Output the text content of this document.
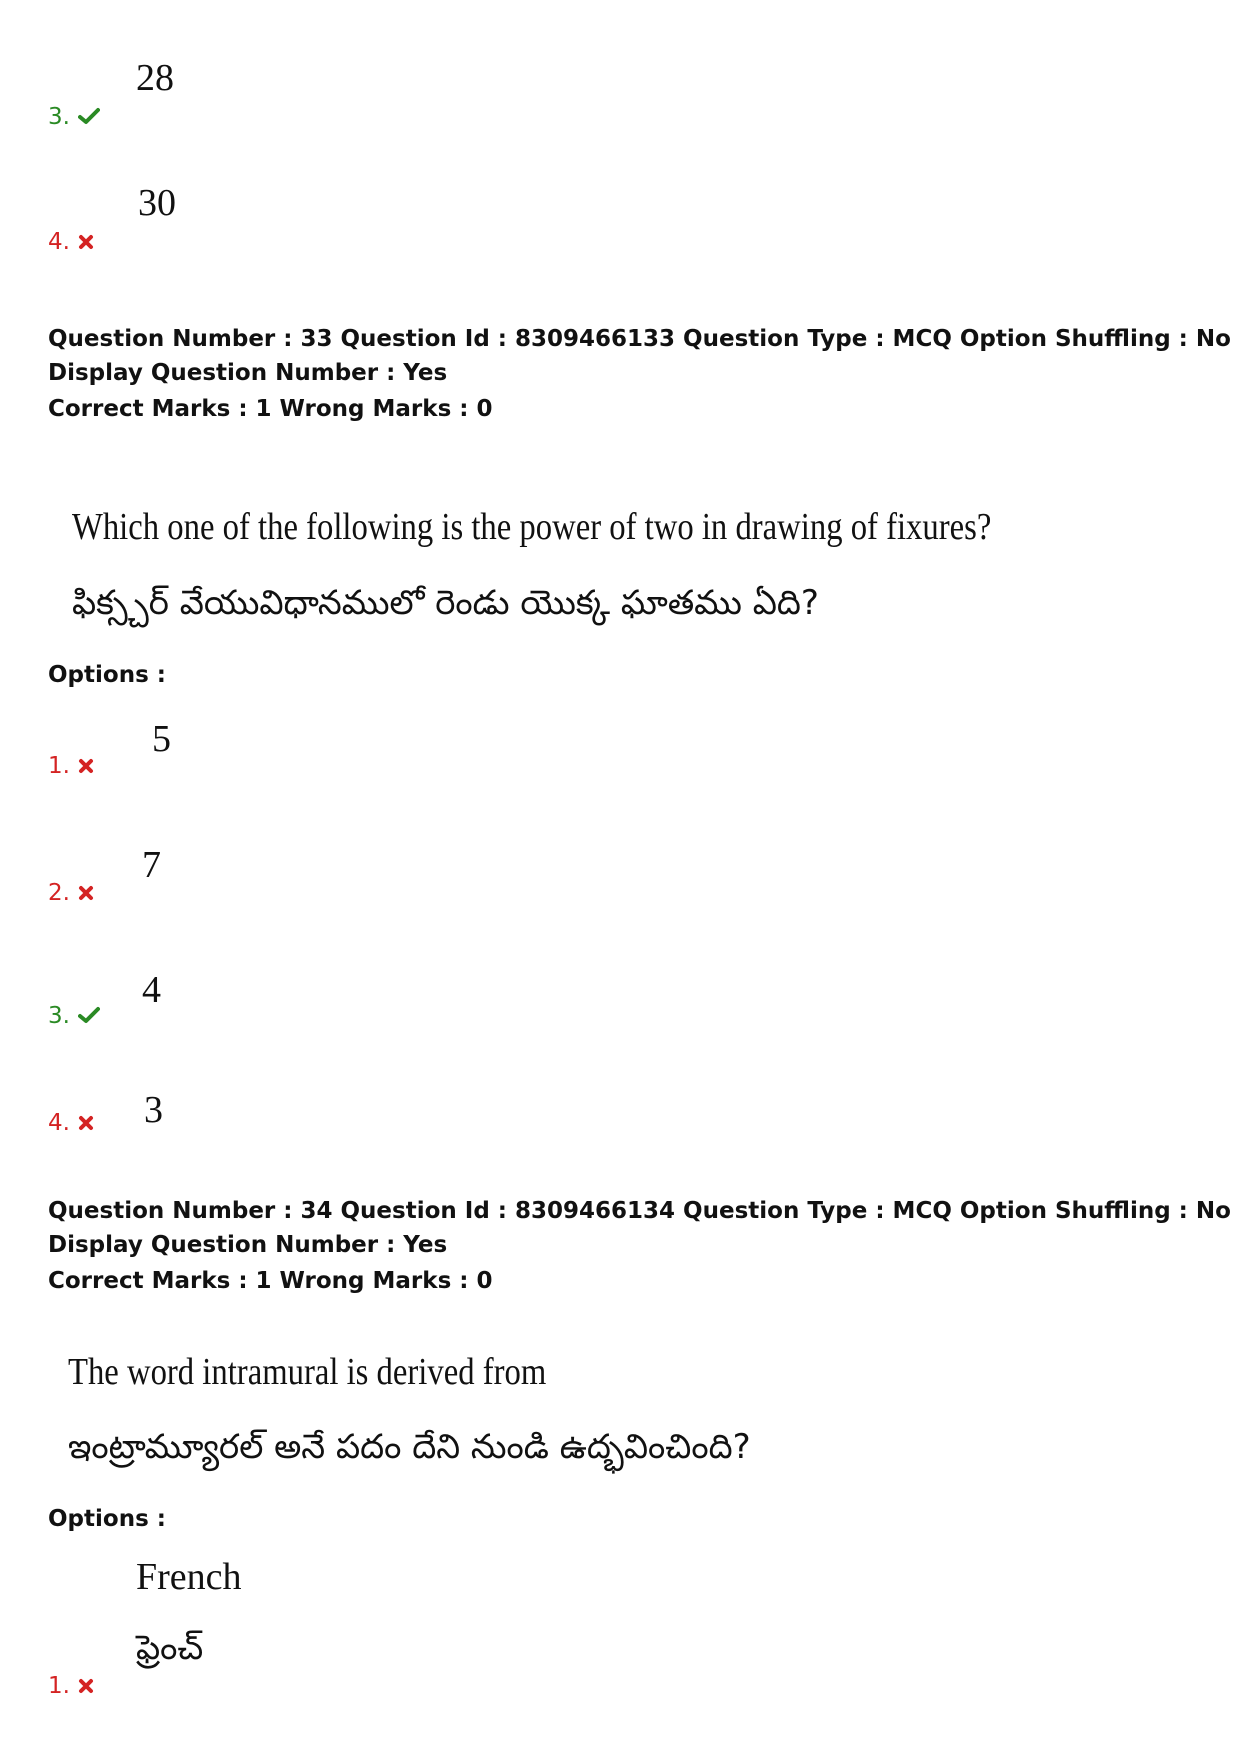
28
3.
30
4.
Question Number : 33 Question Id : 8309466133 Question Type : MCQ Option Shuffling : No
Display Question Number : Yes
Correct Marks : 1 Wrong Marks : 0
Which one of the following is the power of two in drawing of fixures?
ఫిక్స్చర్ వేయువిధానములో రెండు యొక్క ఘాతము ఏది?
Options :
5
1.
7
2.
4
3.
3
4.
Question Number : 34 Question Id : 8309466134 Question Type : MCQ Option Shuffling : No
Display Question Number : Yes
Correct Marks : 1 Wrong Marks : 0
The word intramural is derived from
ఇంట్రామ్యూరల్ అనే పదం దేని నుండి ఉద్భవించింది?
Options :
French
ఫ్రెంచ్
1.
